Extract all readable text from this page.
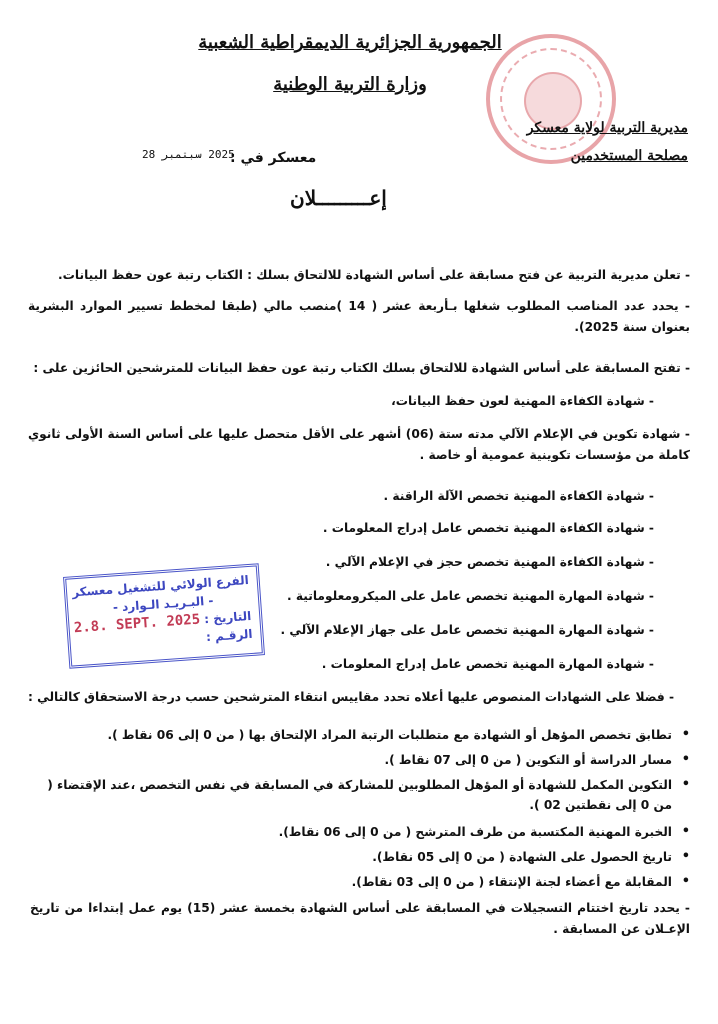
الجمهورية الجزائرية الديمقراطية الشعبية
وزارة التربية الوطنية
مديرية التربية لولاية معسكر
مصلحة المستخدمين
معسكر في :
2025 سبتمبر 28
إعـــــــــلان
- تعلن مديرية التربية عن فتح مسابقة على أساس الشهادة للالتحاق بسلك : الكتاب رتبة عون حفظ البيانات.
- يحدد عدد المناصب المطلوب شغلها بـأربعة عشر ( 14 )منصب مالي (طبقا لمخطط تسيير الموارد البشرية بعنوان سنة 2025).
- تفتح المسابقة على أساس الشهادة للالتحاق بسلك الكتاب رتبة عون حفظ البيانات للمترشحين الحائزين على :
- شهادة الكفاءة المهنية لعون حفظ البيانات،
- شهادة تكوين في الإعلام الآلي مدته ستة (06) أشهر على الأقل متحصل عليها على أساس السنة الأولى ثانوي كاملة من مؤسسات تكوينية عمومية أو خاصة .
- شهادة الكفاءة المهنية تخصص الآلة الراقنة .
- شهادة الكفاءة المهنية تخصص عامل إدراج المعلومات .
- شهادة الكفاءة المهنية تخصص حجز في الإعلام الآلي .
- شهادة المهارة المهنية تخصص عامل على الميكرومعلوماتية .
- شهادة المهارة المهنية تخصص عامل على جهاز الإعلام الآلي .
- شهادة المهارة المهنية تخصص عامل إدراج المعلومات .
- فضلا على الشهادات المنصوص عليها أعلاه تحدد مقاييس انتقاء المترشحين حسب درجة الاستحقاق كالتالي :
• تطابق تخصص المؤهل أو الشهادة مع متطلبات الرتبة المراد الإلتحاق بها ( من 0 إلى 06 نقاط ).
• مسار الدراسة أو التكوين ( من 0 إلى 07 نقاط ).
• التكوين المكمل للشهادة أو المؤهل المطلوبين للمشاركة في المسابقة في نفس التخصص ،عند الإقتضاء ( من 0 إلى نقطتين 02 ).
• الخبرة المهنية المكتسبة من طرف المترشح ( من 0 إلى 06 نقاط).
• تاريخ الحصول على الشهادة ( من 0 إلى 05 نقاط).
• المقابلة مع أعضاء لجنة الإنتقاء ( من 0 إلى 03 نقاط).
- يحدد تاريخ اختتام التسجيلات في المسابقة على أساس الشهادة بخمسة عشر (15) يوم عمل إبتداءا من تاريخ الإعـلان عن المسابقة .
الفرع الولائي للتشغيل معسكر
- البـريـد الـوارد -
التاريخ : 2.8. SEPT. 2025 الرقـم :
